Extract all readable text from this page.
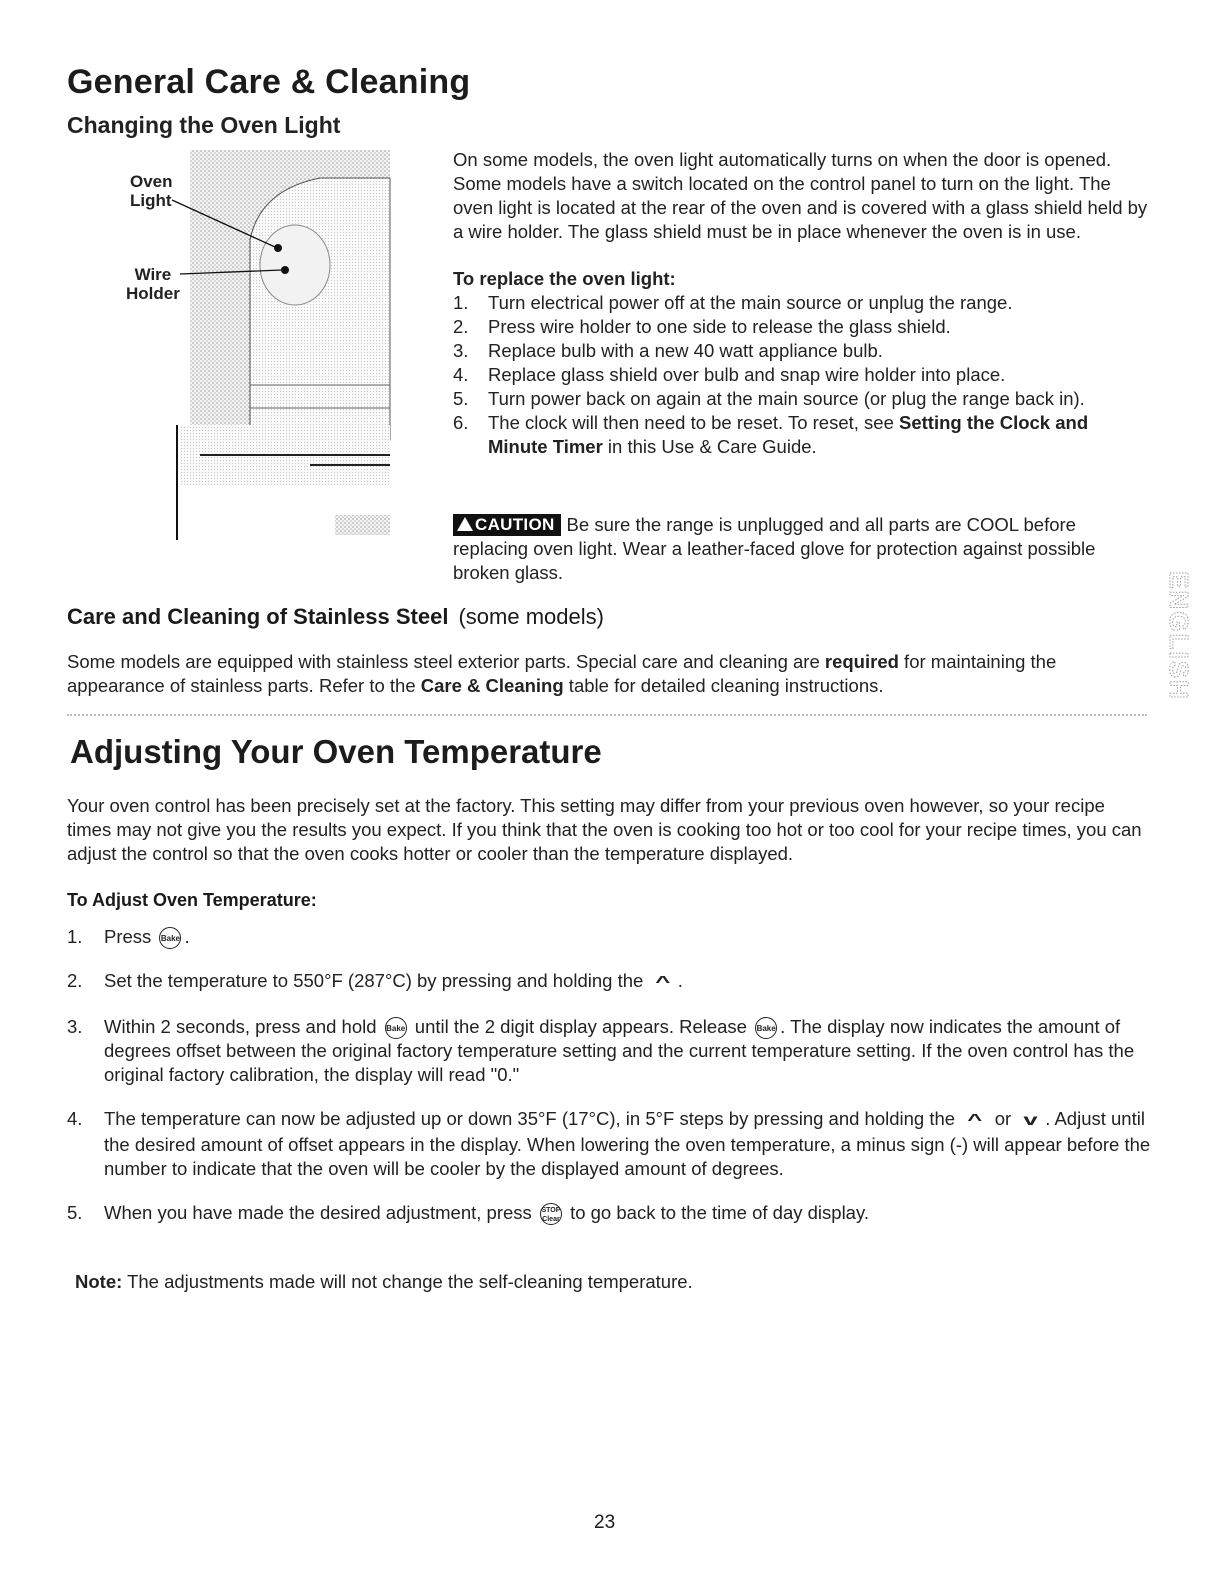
General Care & Cleaning
Changing the Oven Light
Oven
Light
Wire
Holder
On some models, the oven light automatically turns on when the door is opened. Some models have a switch located on the control panel to turn on the light. The oven light is located at the rear of the oven and is covered with a glass shield held by a wire holder. The glass shield must be in place whenever the oven is in use.
To replace the oven light:
1. Turn electrical power off at the main source or unplug the range.
2. Press wire holder to one side to release the glass shield.
3. Replace bulb with a new 40 watt appliance bulb.
4. Replace glass shield over bulb and snap wire holder into place.
5. Turn power back on again at the main source (or plug the range back in).
6. The clock will then need to be reset. To reset, see Setting the Clock and Minute Timer in this Use & Care Guide.
CAUTION Be sure the range is unplugged and all parts are COOL before replacing oven light. Wear a leather-faced glove for protection against possible broken glass.
Care and Cleaning of Stainless Steel (some models)
Some models are equipped with stainless steel exterior parts. Special care and cleaning are required for maintaining the appearance of stainless parts. Refer to the Care & Cleaning table for detailed cleaning instructions.
Adjusting Your Oven Temperature
Your oven control has been precisely set at the factory. This setting may differ from your previous oven however, so your recipe times may not give you the results you expect. If you think that the oven is cooking too hot or too cool for your recipe times, you can adjust the control so that the oven cooks hotter or cooler than the temperature displayed.
To Adjust Oven Temperature:
1. Press Bake .
2. Set the temperature to 550°F (287°C) by pressing and holding the ^ .
3. Within 2 seconds, press and hold Bake until the 2 digit display appears. Release Bake . The display now indicates the amount of degrees offset between the original factory temperature setting and the current temperature setting. If the oven control has the original factory calibration, the display will read "0."
4. The temperature can now be adjusted up or down 35°F (17°C), in 5°F steps by pressing and holding the ^ or v . Adjust until the desired amount of offset appears in the display. When lowering the oven temperature, a minus sign (-) will appear before the number to indicate that the oven will be cooler by the displayed amount of degrees.
5. When you have made the desired adjustment, press STOP
Clear to go back to the time of day display.
Note: The adjustments made will not change the self-cleaning temperature.
ENGLISH
23
